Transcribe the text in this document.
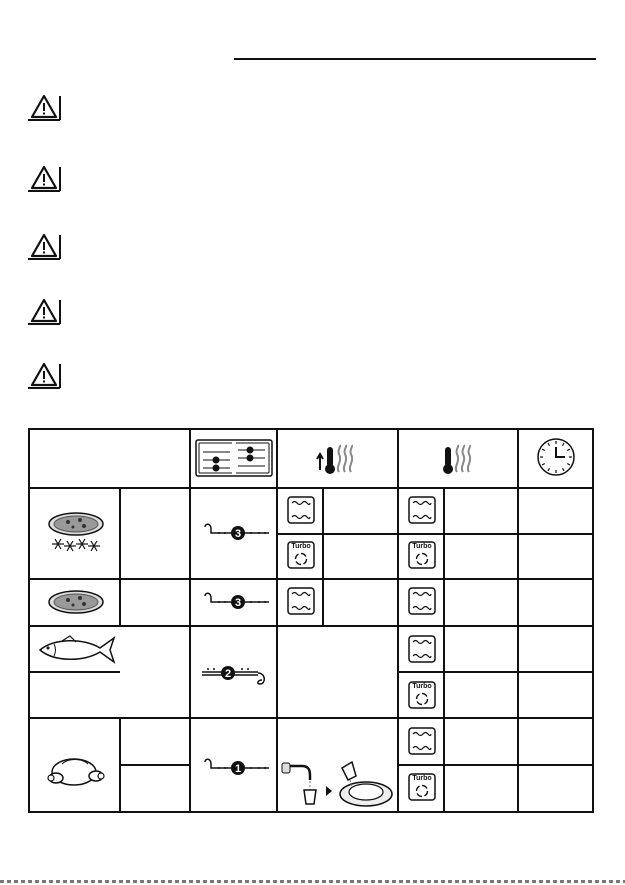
3
3
2
1
Turbo	Turbo
Turbo
Turbo
